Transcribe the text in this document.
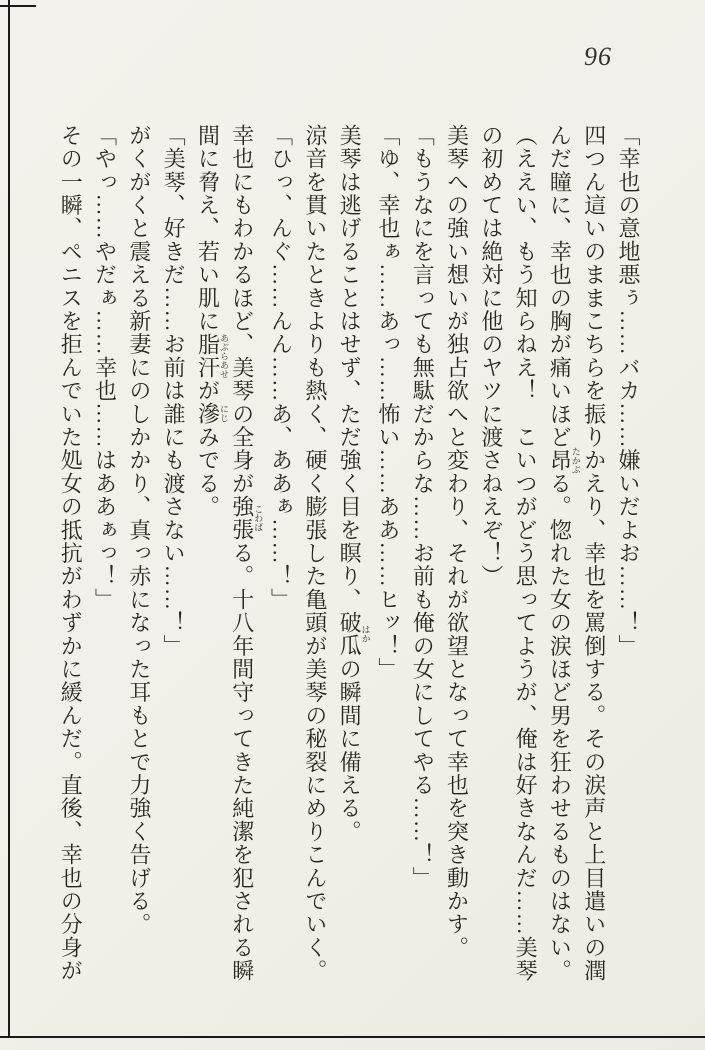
96

「幸也の意地悪ぅ……バカ……嫌いだよお……！」

四つん這いのままこちらを振りかえり、幸也を罵倒する。その涙声と上目遣いの潤んだ瞳に、幸也の胸が痛いほど昂たかぶる。惚れた女の涙ほど男を狂わせるものはない。

（ええい、もう知らねえ！　こいつがどう思ってようが、俺は好きなんだ……美琴の初めては絶対に他のヤツに渡さねえぞ！）

美琴への強い想いが独占欲へと変わり、それが欲望となって幸也を突き動かす。

「もうなにを言っても無駄だからな……お前も俺の女にしてやる……！」

「ゆ、幸也ぁ……あっ……怖い……ああ……ヒッ！」

美琴は逃げることはせず、ただ強く目を瞑り、破瓜はかの瞬間に備える。

涼音を貫いたときよりも熱く、硬く膨張した亀頭が美琴の秘裂にめりこんでいく。

「ひっ、んぐ……んん……あ、ああぁ……！」

幸也にもわかるほど、美琴の全身が強張こわばる。十八年間守ってきた純潔を犯される瞬間に脅え、若い肌に脂汗あぶらあせが滲にじみでる。

「美琴、好きだ……お前は誰にも渡さない……！」

がくがくと震える新妻にのしかかり、真っ赤になった耳もとで力強く告げる。

「やっ……やだぁ……幸也……はああぁっ！」

その一瞬、ペニスを拒んでいた処女の抵抗がわずかに緩んだ。直後、幸也の分身が
